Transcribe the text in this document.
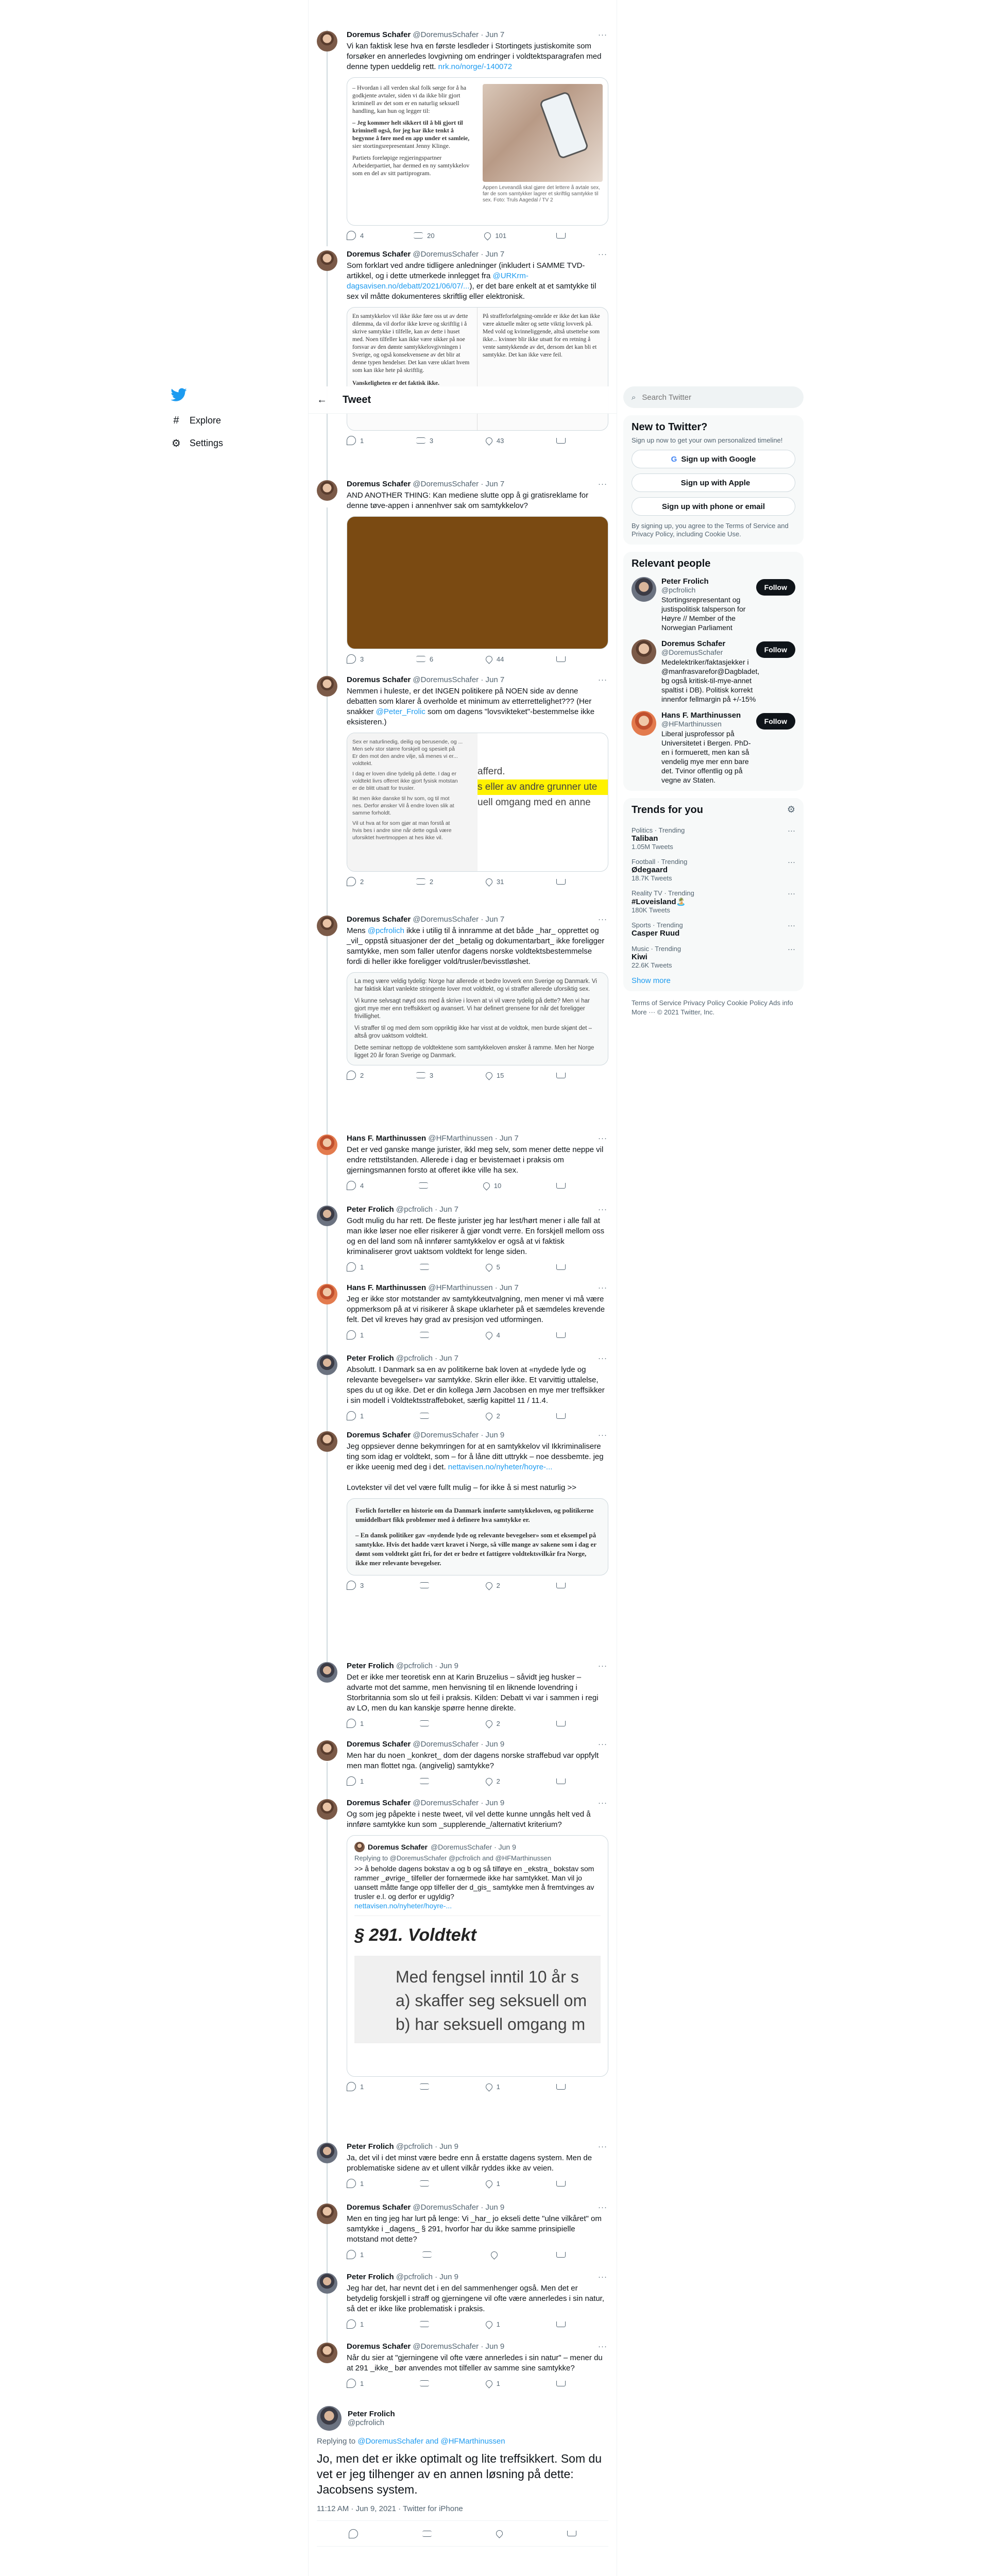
#	Explore
⚙ Settings
Doremus Schafer @DoremusSchafer · Jun 7	···
Vi kan faktisk lese hva en første lesdleder i Stortingets justiskomite som forsøker en annerledes lovgivning om endringer i voldtektsparagrafen med denne typen ueddelig rett. nrk.no/norge/-140072

– Hvordan i all verden skal folk sørge for å ha godkjente avtaler, siden vi da ikke blir gjort kriminell av det som er en naturlig seksuell handling, kan hun og legger til:

– Jeg kommer helt sikkert til å bli gjort til kriminell også, for jeg har ikke tenkt å begynne å føre med en app under et samleie,

sier stortingsrepresentant Jenny Klinge.

Partiets foreløpige regjeringspartner Arbeiderpartiet, har dermed en ny samtykkelov som en del av sitt partiprogram.

Appen Leveandå skal gjøre det lettere å avtale sex, før de som samtykker lagrer et skriftlig samtykke til sex. Foto: Truls Aagedal / TV 2

4	20	101
Doremus Schafer @DoremusSchafer · Jun 7	···
Som forklart ved andre tidligere anledninger (inkludert i SAMME TVD-artikkel, og i dette utmerkede innlegget fra @URKrm-dagsavisen.no/debatt/2021/06/07/...), er det bare enkelt at et samtykke til sex vil måtte dokumenteres skriftlig eller elektronisk.

En samtykkelov vil ikke ikke føre oss ut av dette dilemma, da vil dorfor ikke kreve og skriftlig i å skrive samtykke i tilfelle, kan av dette i huset med. Noen tilfeller kan ikke være sikker på noe forsvar av den dømte samtykkelovgivningen i Sverige, og også konsekvensene av det blir at denne typen hendelser. Det kan være uklart hvem som kan ikke hete på skriftlig.

Vanskeligheten er det faktisk ikke.

På straffeforfølgning-område er ikke det kan ikke være aktuelle måter og sette viktig lovverk på. Med vold og kvinneliggende, altså utsettelse som ikke... kvinner blir ikke utsatt for en retning å vente samtykkende av det, dersom det kan bli et samtykke. Det kan ikke være feil.

1	3	43
← Tweet
Doremus Schafer @DoremusSchafer · Jun 7	···
AND ANOTHER THING: Kan mediene slutte opp å gi gratisreklame for denne tøve-appen i annenhver sak om samtykkelov?
3	6	44
Doremus Schafer @DoremusSchafer · Jun 7	···
Nemmen i huleste, er det INGEN politikere på NOEN side av denne debatten som klarer å overholde et minimum av etterrettelighet??? (Her snakker @Peter_Frolic som om dagens "lovsvikteket"-bestemmelse ikke eksisteren.)

Sex er naturlinedig, deilig og berusende, og ...

Men selv stor større forskjell og spesielt på

Er den mot den andre vilje, så menes vi er...

voldtekt.

I dag er loven dine tydelig på dette. I dag er

voldtekt livrs offeret ikke gjort fysisk motstan

er de blitt utsatt for trusler.

Ikt men ikke danske til hv som, og til mot

nes. Derfor ønsker Vil å endre loven slik at

samme forholdt.

Vil ut hva at for som gjør at man forstå at

hvis bes i andre sine når dette også være

uforsiktet hvertmoppen at hes ikke vil.

afferd.

s eller av andre grunner ute

uell omgang med en anne

2	2	31
Doremus Schafer @DoremusSchafer · Jun 7	···
Mens @pcfrolich ikke i utilig til å innramme at det både _har_ opprettet og _vil_ oppstå situasjoner der det _betalig og dokumentarbart_ ikke foreligger samtykke, men som faller utenfor dagens norske voldtektsbestemmelse fordi di heller ikke foreligger vold/trusler/bevisstløshet.

La meg være veldig tydelig: Norge har allerede et bedre lovverk enn Sverige og Danmark. Vi har faktisk klart vanlekte stringente lover mot voldtekt, og vi straffer allerede uforsiktig sex.

Vi kunne selvsagt nøyd oss med å skrive i loven at vi vil være tydelig på dette? Men vi har gjort mye mer enn treffsikkert og avansert. Vi har definert grensene for når det foreligger frivillighet.

Vi straffer til og med dem som oppriktig ikke har visst at de voldtok, men burde skjønt det – altså grov uaktsom voldtekt.

Dette seminar nettopp de voldtektene som samtykkeloven ønsker å ramme. Men her Norge ligget 20 år foran Sverige og Danmark.

2	3	15
Hans F. Marthinussen @HFMarthinussen · Jun 7	···
Det er ved ganske mange jurister, ikkl meg selv, som mener dette neppe vil endre rettstilstanden. Allerede i dag er bevistemaet i praksis om gjerningsmannen forsto at offeret ikke ville ha sex.
4	10
Peter Frolich @pcfrolich · Jun 7	···
Godt mulig du har rett. De fleste jurister jeg har lest/hørt mener i alle fall at man ikke løser noe eller risikerer å gjør vondt verre. En forskjell mellom oss og en del land som nå innfører samtykkelov er også at vi faktisk kriminaliserer grovt uaktsom voldtekt for lenge siden.
1	5
Hans F. Marthinussen @HFMarthinussen · Jun 7	···
Jeg er ikke stor motstander av samtykkeutvalgning, men mener vi må være oppmerksom på at vi risikerer å skape uklarheter på et sæmdeles krevende felt. Det vil kreves høy grad av presisjon ved utformingen.
1	4
Peter Frolich @pcfrolich · Jun 7	···
Absolutt. I Danmark sa en av politikerne bak loven at «nydede lyde og relevante bevegelser» var samtykke. Skrin eller ikke. Et varvittig uttalelse, spes du ut og ikke. Det er din kollega Jørn Jacobsen en mye mer treffsikker i sin modell i Voldtektsstraffeboket, særlig kapittel 11 / 11.4.
1	2
Doremus Schafer @DoremusSchafer · Jun 9	···
Jeg oppsiever denne bekymringen for at en samtykkelov vil Ikkriminalisere ting som idag er voldtekt, som – for å låne ditt uttrykk – noe dessbemte. jeg er ikke ueenig med deg i det. nettavisen.no/nyheter/hoyre-...

Lovtekster vil det vel være fullt mulig – for ikke å si mest naturlig >>

Forlich forteller en historie om da Danmark innførte samtykkeloven, og politikerne umiddelbart fikk problemer med å definere hva samtykke er.

– En dansk politiker gav «nydende lyde og relevante bevegelser» som et eksempel på samtykke. Hvis det hadde vært kravet i Norge, så ville mange av sakene som i dag er dømt som voldtekt gått fri, for det er bedre et fattigere voldtektsvilkår fra Norge, ikke mer relevante bevegelser.

3	2
Peter Frolich @pcfrolich · Jun 9	···
Det er ikke mer teoretisk enn at Karin Bruzelius – såvidt jeg husker – advarte mot det samme, men henvisning til en liknende lovendring i Storbritannia som slo ut feil i praksis. Kilden: Debatt vi var i sammen i regi av LO, men du kan kanskje spørre henne direkte.
1	2
Doremus Schafer @DoremusSchafer · Jun 9	···
Men har du noen _konkret_ dom der dagens norske straffebud var oppfylt men man flottet nga. (angivelig) samtykke?
1	2
Doremus Schafer @DoremusSchafer · Jun 9	···
Og som jeg påpekte i neste tweet, vil vel dette kunne unngås helt ved å innføre samtykke kun som _supplerende_/alternativt kriterium?
Doremus Schafer @DoremusSchafer · Jun 9

Replying to @DoremusSchafer @pcfrolich and @HFMarthinussen

>> å beholde dagens bokstav a og b og så tilføye en _ekstra_ bokstav som rammer _øvrige_ tilfeller der fornærmede ikke har samtykket. Man vil jo uansett måtte fange opp tilfeller der d_gis_ samtykke men å fremtvinges av trusler e.l. og derfor er ugyldig?
nettavisen.no/nyheter/hoyre-...

§ 291. Voldtekt

Med fengsel inntil 10 år s

a) skaffer seg seksuell om

b) har seksuell omgang m

1	1
Peter Frolich @pcfrolich · Jun 9	···
Ja, det vil i det minst være bedre enn å erstatte dagens system. Men de problematiske sidene av et ullent vilkår ryddes ikke av veien.
1	1
Doremus Schafer @DoremusSchafer · Jun 9	···
Men en ting jeg har lurt på lenge: Vi _har_ jo ekseli dette "ulne vilkåret" om samtykke i _dagens_ § 291, hvorfor har du ikke samme prinsipielle motstand mot dette?
1
Peter Frolich @pcfrolich · Jun 9	···
Jeg har det, har nevnt det i en del sammenhenger også. Men det er betydelig forskjell i straff og gjerningene vil ofte være annerledes i sin natur, så det er ikke like problematisk i praksis.
1	1
Doremus Schafer @DoremusSchafer · Jun 9	···
Når du sier at "gjerningene vil ofte være annerledes i sin natur" – mener du at 291 _ikke_ bør anvendes mot tilfeller av samme sine samtykke?
1	1
Peter Frolich
@pcfrolich
Replying to @DoremusSchafer and @HFMarthinussen
Jo, men det er ikke optimalt og lite treffsikkert. Som du vet er jeg tilhenger av en annen løsning på dette: Jacobsens system.
11:12 AM · Jun 9, 2021 · Twitter for iPhone
⌕
Search Twitter
New to Twitter?

Sign up now to get your own personalized timeline!

G Sign up with Google
Sign up with Apple
Sign up with phone or email

By signing up, you agree to the Terms of Service and Privacy Policy, including Cookie Use.

Relevant people
Peter Frolich
@pcfrolich
Stortingsrepresentant og justispolitisk talsperson for Høyre // Member of the Norwegian Parliament
Follow
Doremus Schafer
@DoremusSchafer
Medelektriker/faktasjekker i @manfrasvarefor@Dagbladet, bg også kritisk-til-mye-annet spaltist i DB). Politisk korrekt innenfor fellmargin på +/-15%
Follow
Hans F. Marthinussen
@HFMarthinussen
Liberal jusprofessor på Universitetet i Bergen. PhD-en i formuerett, men kan så vendelig mye mer enn bare det. Tvinor offentlig og på vegne av Staten.
Follow
Trends for you	⚙
Politics · Trending
Taliban
1.05M Tweets
···
Football · Trending
Ødegaard
18.7K Tweets
···
Reality TV · Trending
#Loveisland🏝️
180K Tweets
···
Sports · Trending
Casper Ruud
···
Music · Trending
Kiwi
22.6K Tweets
···
Show more
Terms of Service Privacy Policy Cookie Policy Ads info More ··· © 2021 Twitter, Inc.
